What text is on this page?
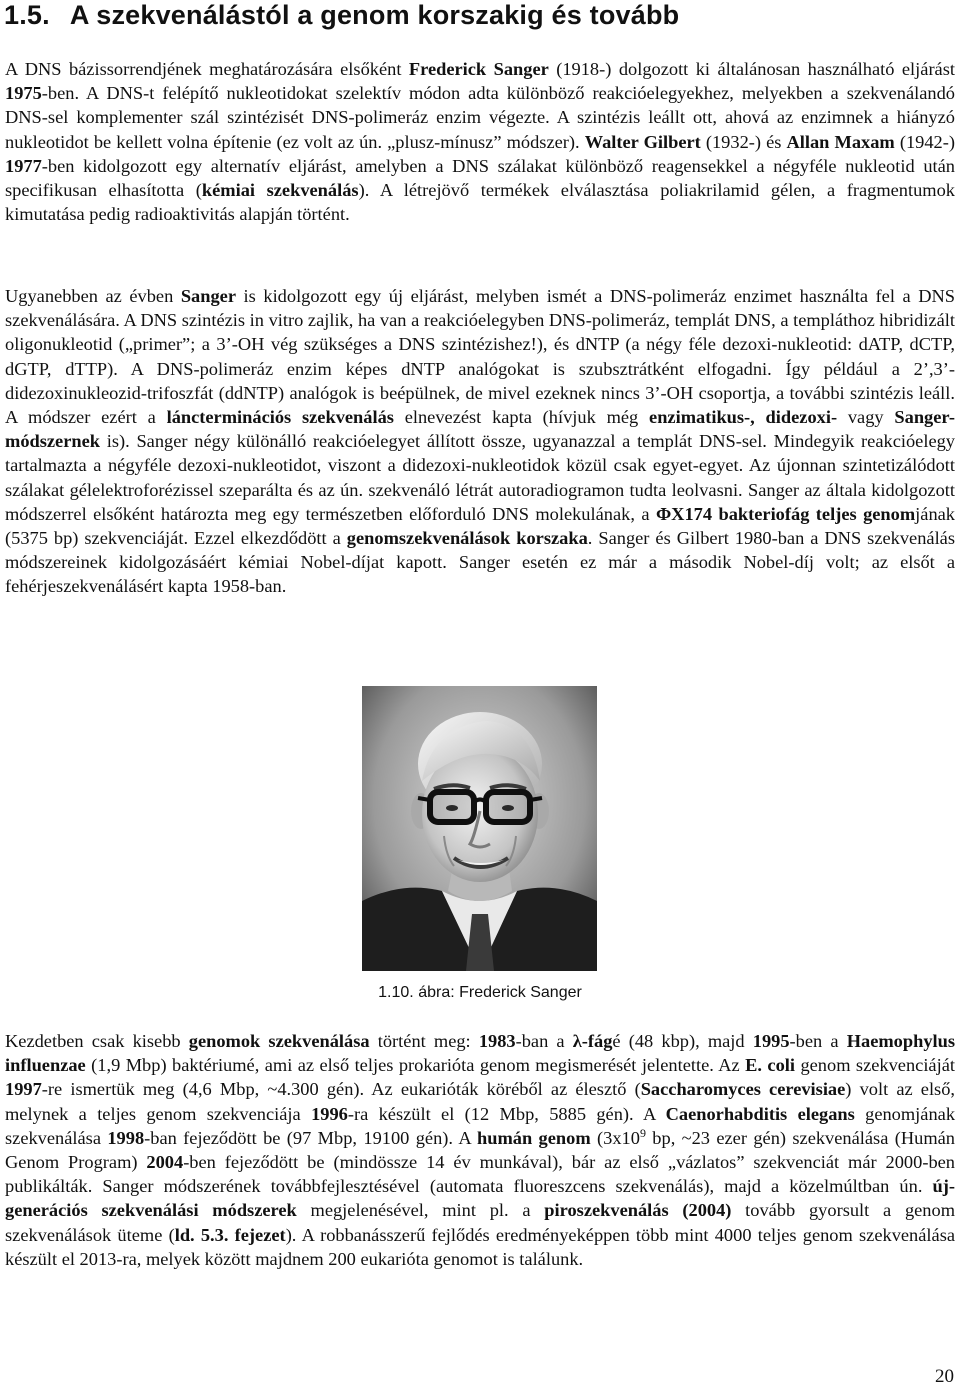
1.5. A szekvenálástól a genom korszakig és tovább

A DNS bázissorrendjének meghatározására elsőként Frederick Sanger (1918-) dolgozott ki általánosan használható eljárást 1975-ben. A DNS-t felépítő nukleotidokat szelektív módon adta különböző reakcióelegyekhez, melyekben a szekvenálandó DNS-sel komplementer szál szintézisét DNS-polimeráz enzim végezte. A szintézis leállt ott, ahová az enzimnek a hiányzó nukleotidot be kellett volna építenie (ez volt az ún. „plusz-mínusz” módszer). Walter Gilbert (1932-) és Allan Maxam (1942-) 1977-ben kidolgozott egy alternatív eljárást, amelyben a DNS szálakat különböző reagensekkel a négyféle nukleotid után specifikusan elhasította (kémiai szekvenálás). A létrejövő termékek elválasztása poliakrilamid gélen, a fragmentumok kimutatása pedig radioaktivitás alapján történt.

Ugyanebben az évben Sanger is kidolgozott egy új eljárást, melyben ismét a DNS-polimeráz enzimet használta fel a DNS szekvenálására. A DNS szintézis in vitro zajlik, ha van a reakcióelegyben DNS-polimeráz, templát DNS, a templáthoz hibridizált oligonukleotid („primer”; a 3’-OH vég szükséges a DNS szintézishez!), és dNTP (a négy féle dezoxi-nukleotid: dATP, dCTP, dGTP, dTTP). A DNS-polimeráz enzim képes dNTP analógokat is szubsztrátként elfogadni. Így például a 2’,3’-didezoxinukleozid-trifoszfát (ddNTP) analógok is beépülnek, de mivel ezeknek nincs 3’-OH csoportja, a további szintézis leáll. A módszer ezért a láncterminációs szekvenálás elnevezést kapta (hívjuk még enzimatikus-, didezoxi- vagy Sanger-módszernek is). Sanger négy különálló reakcióelegyet állított össze, ugyanazzal a templát DNS-sel. Mindegyik reakcióelegy tartalmazta a négyféle dezoxi-nukleotidot, viszont a didezoxi-nukleotidok közül csak egyet-egyet. Az újonnan szintetizálódott szálakat gélelektroforézissel szeparálta és az ún. szekvenáló létrát autoradiogramon tudta leolvasni. Sanger az általa kidolgozott módszerrel elsőként határozta meg egy természetben előforduló DNS molekulának, a ΦX174 bakteriofág teljes genomjának (5375 bp) szekvenciáját. Ezzel elkezdődött a genomszekvenálások korszaka. Sanger és Gilbert 1980-ban a DNS szekvenálás módszereinek kidolgozásáért kémiai Nobel-díjat kapott. Sanger esetén ez már a második Nobel-díj volt; az elsőt a fehérjeszekvenálásért kapta 1958-ban.

1.10. ábra: Frederick Sanger

Kezdetben csak kisebb genomok szekvenálása történt meg: 1983-ban a λ-fágé (48 kbp), majd 1995-ben a Haemophylus influenzae (1,9 Mbp) baktériumé, ami az első teljes prokarióta genom megismerését jelentette. Az E. coli genom szekvenciáját 1997-re ismertük meg (4,6 Mbp, ~4.300 gén). Az eukarióták köréből az élesztő (Saccharomyces cerevisiae) volt az első, melynek a teljes genom szekvenciája 1996-ra készült el (12 Mbp, 5885 gén). A Caenorhabditis elegans genomjának szekvenálása 1998-ban fejeződött be (97 Mbp, 19100 gén). A humán genom ($3x10^9$ bp, ~23 ezer gén) szekvenálása (Humán Genom Program) 2004-ben fejeződött be (mindössze 14 év munkával), bár az első „vázlatos” szekvenciát már 2000-ben publikálták. Sanger módszerének továbbfejlesztésével (automata fluoreszcens szekvenálás), majd a közelmúltban ún. új-generációs szekvenálási módszerek megjelenésével, mint pl. a piroszekvenálás (2004) tovább gyorsult a genom szekvenálások üteme (ld. 5.3. fejezet). A robbanásszerű fejlődés eredményeképpen több mint 4000 teljes genom szekvenálása készült el 2013-ra, melyek között majdnem 200 eukarióta genomot is találunk.

20
